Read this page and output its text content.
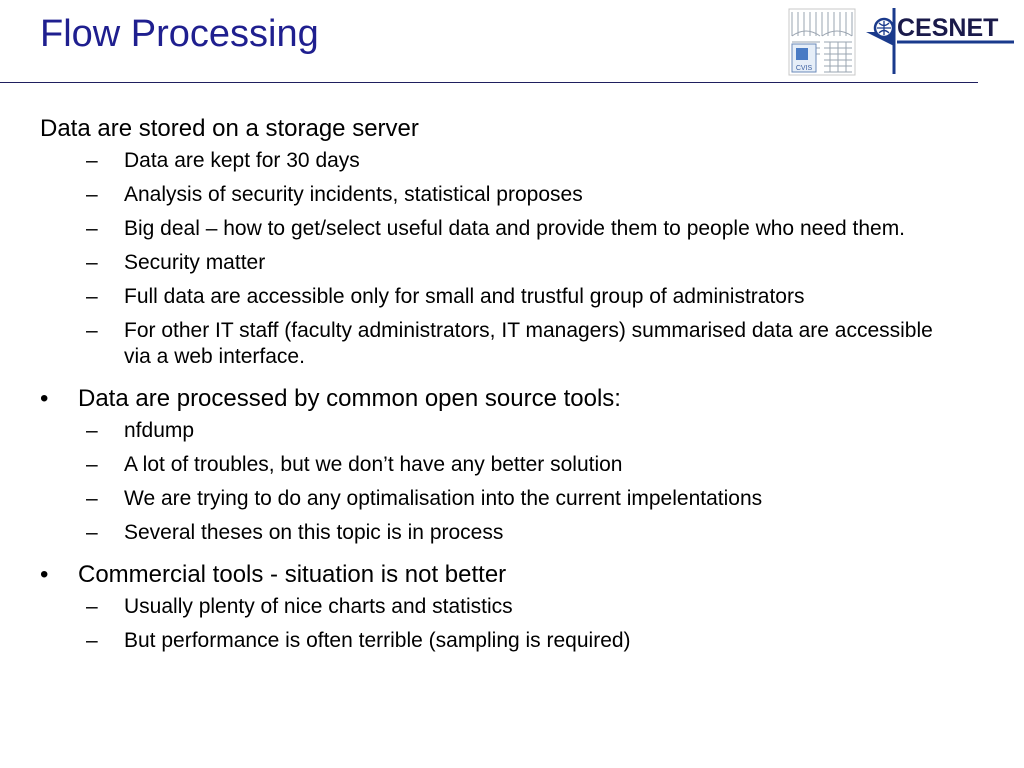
Flow Processing
CVIS
CESNET
Data are stored on a storage server
–	Data are kept for 30 days
–	Analysis of security incidents, statistical proposes
–	Big deal – how to get/select useful data and provide them to people who need them.
–	Security matter
–	Full data are accessible only for small and trustful group of administrators
–	For other IT staff (faculty administrators, IT managers) summarised data are accessible via a web interface.
•	Data are processed by common open source tools:
–	nfdump
–	A lot of troubles, but we don’t have any better solution
–	We are trying to do any optimalisation into the current impelentations
–	Several theses on this topic is in process
•	Commercial tools - situation is not better
–	Usually plenty of nice charts and statistics
–	But performance is often terrible (sampling is required)
